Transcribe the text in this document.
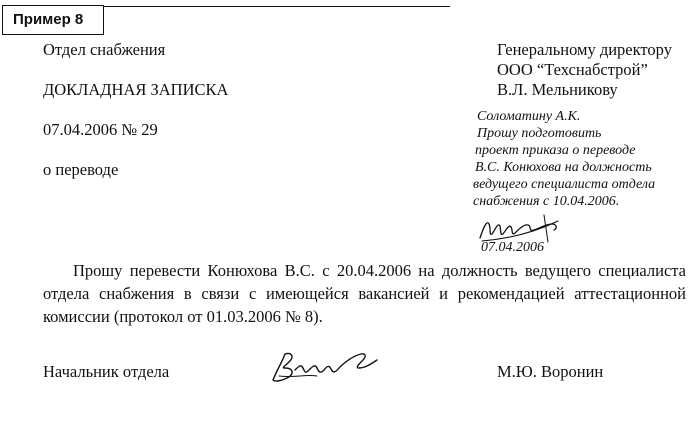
Пример 8
Отдел снабжения
ДОКЛАДНАЯ ЗАПИСКА
07.04.2006 № 29
о переводе
Генеральному директору
ООО “Техснабстрой”
В.Л. Мельникову
Соломатину А.К.
Прошу подготовить
проект приказа о переводе
В.С. Конюхова на должность
ведущего специалиста отдела
снабжения с 10.04.2006.
07.04.2006
Прошу перевести Конюхова В.С. с 20.04.2006 на должность ведущего специалиста отдела снабжения в связи с имеющейся вакансией и рекомендацией аттестационной комиссии (протокол от 01.03.2006 № 8).
Начальник отдела	М.Ю. Воронин
